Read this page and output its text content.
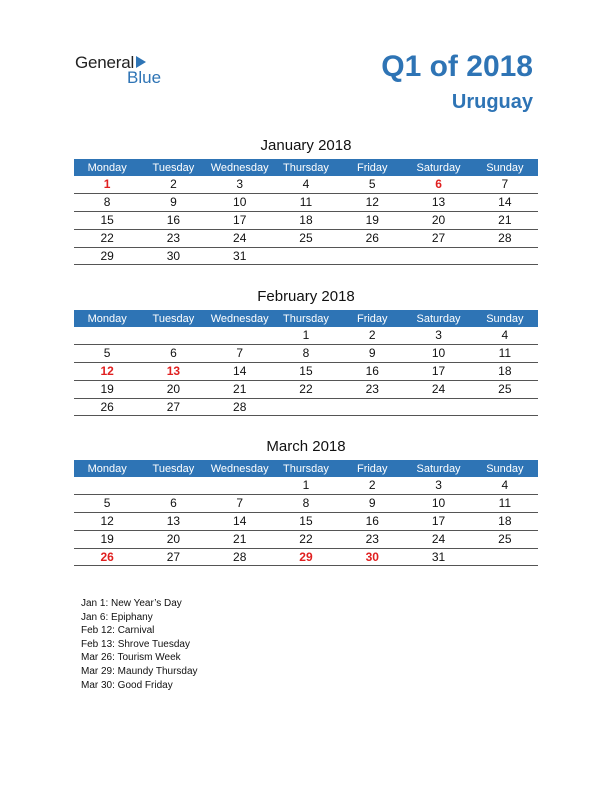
General
Blue	Q1 of 2018
Uruguay
January 2018
Monday	Tuesday	Wednesday	Thursday	Friday	Saturday	Sunday
1	2	3	4	5	6	7
8	9	10	11	12	13	14
15	16	17	18	19	20	21
22	23	24	25	26	27	28
29	30	31				
February 2018
Monday	Tuesday	Wednesday	Thursday	Friday	Saturday	Sunday
			1	2	3	4
5	6	7	8	9	10	11
12	13	14	15	16	17	18
19	20	21	22	23	24	25
26	27	28				
March 2018
Monday	Tuesday	Wednesday	Thursday	Friday	Saturday	Sunday
			1	2	3	4
5	6	7	8	9	10	11
12	13	14	15	16	17	18
19	20	21	22	23	24	25
26	27	28	29	30	31	
Jan 1: New Year’s Day
Jan 6: Epiphany
Feb 12: Carnival
Feb 13: Shrove Tuesday
Mar 26: Tourism Week
Mar 29: Maundy Thursday
Mar 30: Good Friday
